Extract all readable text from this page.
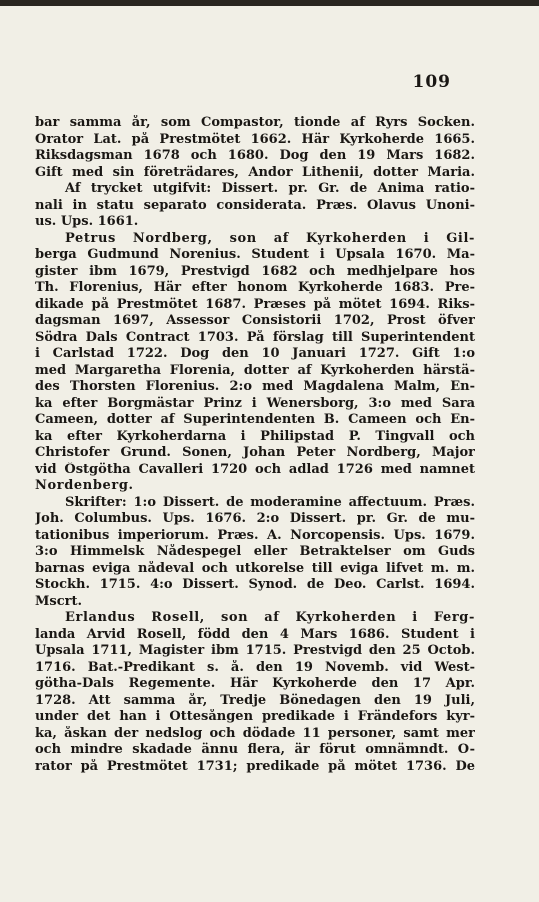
109
bar samma år, som Compastor, tionde af Ryrs Socken.
Orator Lat. på Prestmötet 1662. Här Kyrkoherde 1665.
Riksdagsman 1678 och 1680. Dog den 19 Mars 1682.
Gift med sin företrädares, Andor Lithenii, dotter Maria.
Af trycket utgifvit: Dissert. pr. Gr. de Anima ratio-
nali in statu separato considerata. Præs. Olavus Unoni-
us. Ups. 1661.
Petrus Nordberg, son af Kyrkoherden i Gil-
berga Gudmund Norenius. Student i Upsala 1670. Ma-
gister ibm 1679, Prestvigd 1682 och medhjelpare hos
Th. Florenius, Här efter honom Kyrkoherde 1683. Pre-
dikade på Prestmötet 1687. Præses på mötet 1694. Riks-
dagsman 1697, Assessor Consistorii 1702, Prost öfver
Södra Dals Contract 1703. På förslag till Superintendent
i Carlstad 1722. Dog den 10 Januari 1727. Gift 1:o
med Margaretha Florenia, dotter af Kyrkoherden härstä-
des Thorsten Florenius. 2:o med Magdalena Malm, En-
ka efter Borgmästar Prinz i Wenersborg, 3:o med Sara
Cameen, dotter af Superintendenten B. Cameen och En-
ka efter Kyrkoherdarna i Philipstad P. Tingvall och
Christofer Grund. Sonen, Johan Peter Nordberg, Major
vid Östgötha Cavalleri 1720 och adlad 1726 med namnet
Nordenberg.
Skrifter: 1:o Dissert. de moderamine affectuum. Præs.
Joh. Columbus. Ups. 1676. 2:o Dissert. pr. Gr. de mu-
tationibus imperiorum. Præs. A. Norcopensis. Ups. 1679.
3:o Himmelsk Nådespegel eller Betraktelser om Guds
barnas eviga nådeval och utkorelse till eviga lifvet m. m.
Stockh. 1715. 4:o Dissert. Synod. de Deo. Carlst. 1694.
Mscrt.
Erlandus Rosell, son af Kyrkoherden i Ferg-
landa Arvid Rosell, född den 4 Mars 1686. Student i
Upsala 1711, Magister ibm 1715. Prestvigd den 25 Octob.
1716. Bat.-Predikant s. å. den 19 Novemb. vid West-
götha-Dals Regemente. Här Kyrkoherde den 17 Apr.
1728. Att samma år, Tredje Bönedagen den 19 Juli,
under det han i Ottesången predikade i Frändefors kyr-
ka, åskan der nedslog och dödade 11 personer, samt mer
och mindre skadade ännu flera, är förut omnämndt. O-
rator på Prestmötet 1731; predikade på mötet 1736. De
